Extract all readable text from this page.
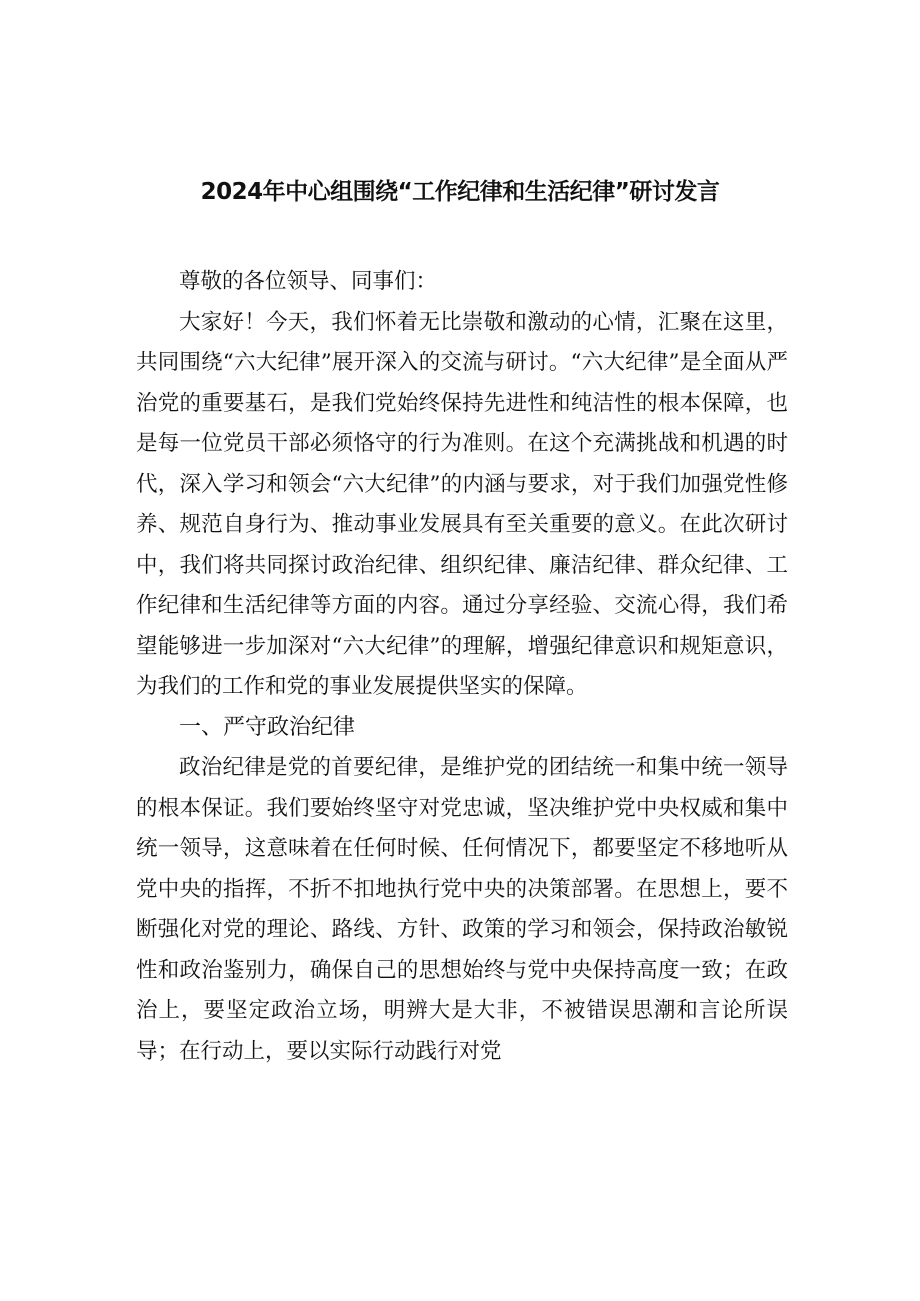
2024年中心组围绕“工作纪律和生活纪律”研讨发言

尊敬的各位领导、同事们：

大家好！今天，我们怀着无比崇敬和激动的心情，汇聚在这里，共同围绕“六大纪律”展开深入的交流与研讨。“六大纪律”是全面从严治党的重要基石，是我们党始终保持先进性和纯洁性的根本保障，也是每一位党员干部必须恪守的行为准则。在这个充满挑战和机遇的时代，深入学习和领会“六大纪律”的内涵与要求，对于我们加强党性修养、规范自身行为、推动事业发展具有至关重要的意义。在此次研讨中，我们将共同探讨政治纪律、组织纪律、廉洁纪律、群众纪律、工作纪律和生活纪律等方面的内容。通过分享经验、交流心得，我们希望能够进一步加深对“六大纪律”的理解，增强纪律意识和规矩意识，为我们的工作和党的事业发展提供坚实的保障。

一、严守政治纪律

政治纪律是党的首要纪律，是维护党的团结统一和集中统一领导的根本保证。我们要始终坚守对党忠诚，坚决维护党中央权威和集中统一领导，这意味着在任何时候、任何情况下，都要坚定不移地听从党中央的指挥，不折不扣地执行党中央的决策部署。在思想上，要不断强化对党的理论、路线、方针、政策的学习和领会，保持政治敏锐性和政治鉴别力，确保自己的思想始终与党中央保持高度一致；在政治上，要坚定政治立场，明辨大是大非，不被错误思潮和言论所误导；在行动上，要以实际行动践行对党
